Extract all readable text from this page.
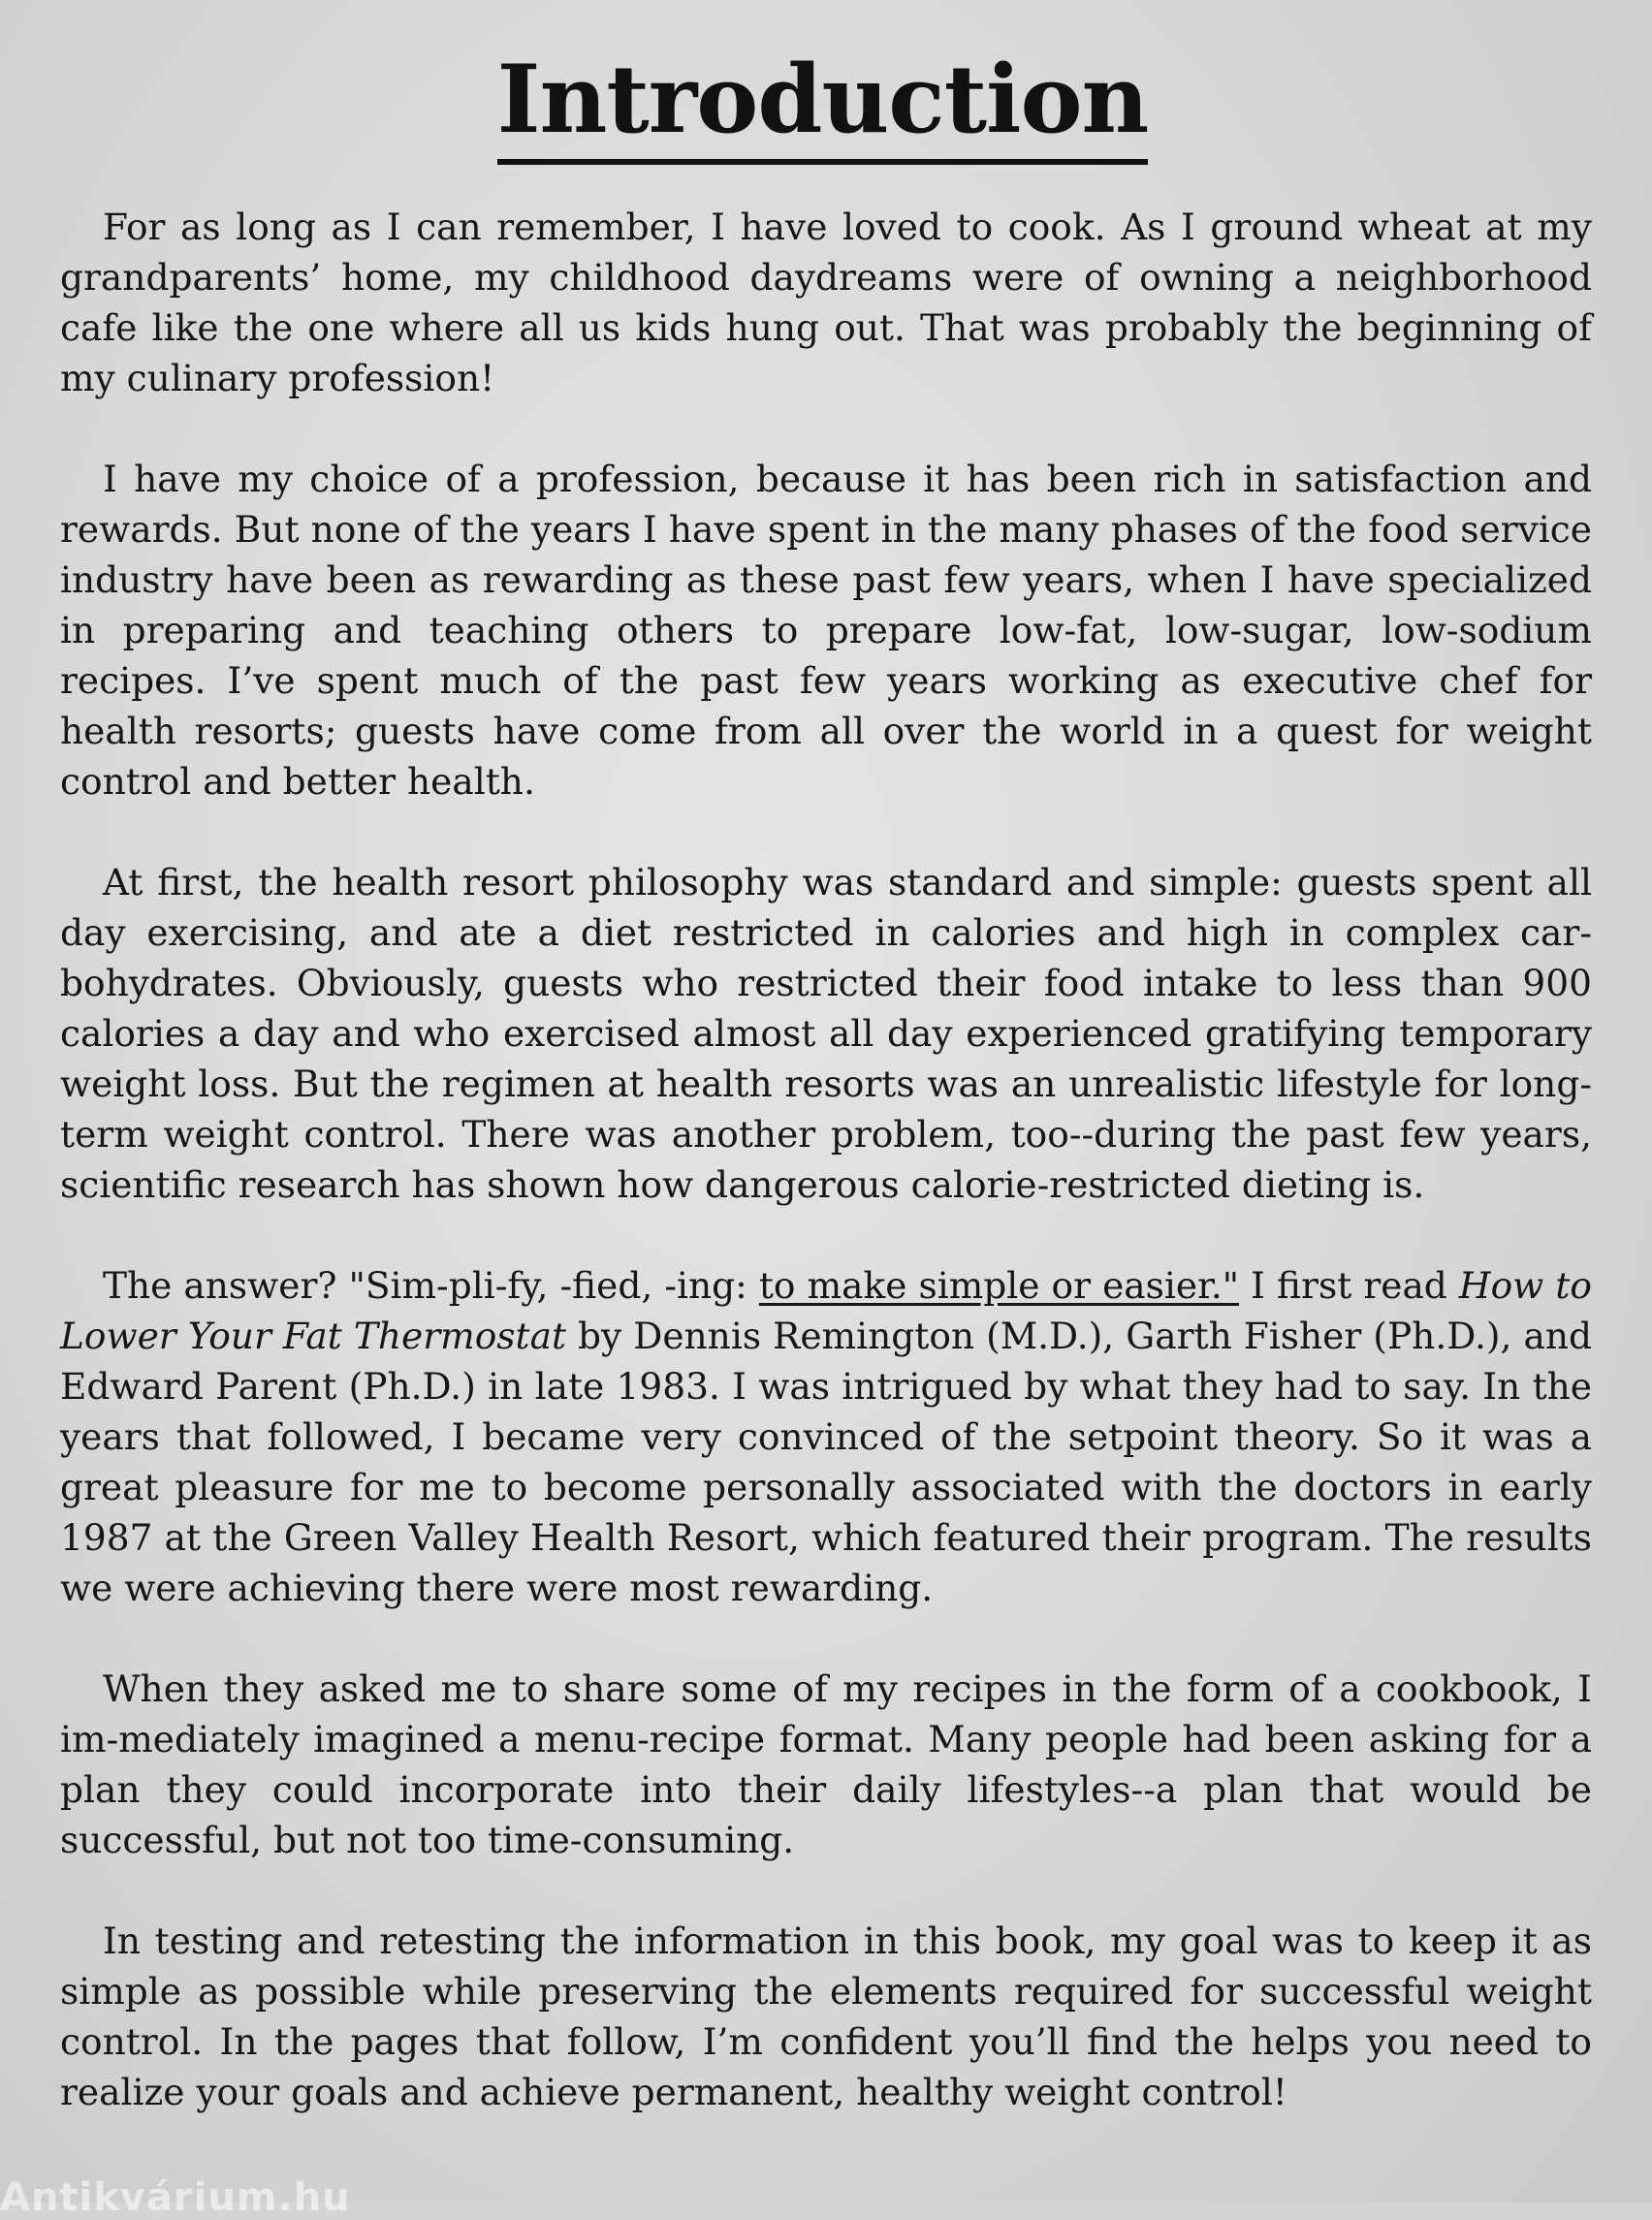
Introduction

For as long as I can remember, I have loved to cook. As I ground wheat at my grandparents’ home, my childhood daydreams were of owning a neighborhood cafe like the one where all us kids hung out. That was probably the beginning of my culinary profession!

I have my choice of a profession, because it has been rich in satisfaction and rewards. But none of the years I have spent in the many phases of the food service industry have been as rewarding as these past few years, when I have specialized in preparing and teaching others to prepare low-fat, low-sugar, low-sodium recipes. I’ve spent much of the past few years working as executive chef for health resorts; guests have come from all over the world in a quest for weight control and better health.

At first, the health resort philosophy was standard and simple: guests spent all day exercising, and ate a diet restricted in calories and high in complex car-bohydrates. Obviously, guests who restricted their food intake to less than 900 calories a day and who exercised almost all day experienced gratifying temporary weight loss. But the regimen at health resorts was an unrealistic lifestyle for long-term weight control. There was another problem, too--during the past few years, scientific research has shown how dangerous calorie-restricted dieting is.

The answer? "Sim-pli-fy, -fied, -ing: to make simple or easier." I first read How to Lower Your Fat Thermostat by Dennis Remington (M.D.), Garth Fisher (Ph.D.), and Edward Parent (Ph.D.) in late 1983. I was intrigued by what they had to say. In the years that followed, I became very convinced of the setpoint theory. So it was a great pleasure for me to become personally associated with the doctors in early 1987 at the Green Valley Health Resort, which featured their program. The results we were achieving there were most rewarding.

When they asked me to share some of my recipes in the form of a cookbook, I im-mediately imagined a menu-recipe format. Many people had been asking for a plan they could incorporate into their daily lifestyles--a plan that would be successful, but not too time-consuming.

In testing and retesting the information in this book, my goal was to keep it as simple as possible while preserving the elements required for successful weight control. In the pages that follow, I’m confident you’ll find the helps you need to realize your goals and achieve permanent, healthy weight control!

Antikvárium.hu
